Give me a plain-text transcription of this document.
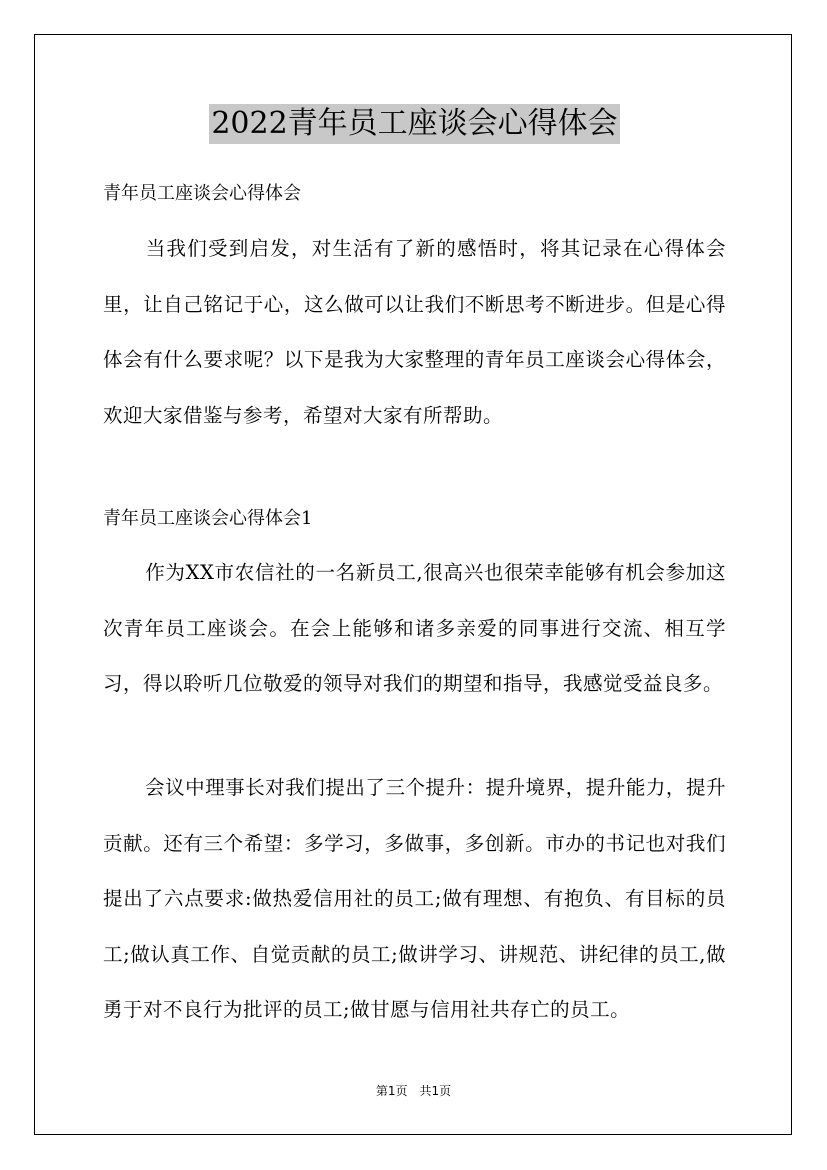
2022青年员工座谈会心得体会
青年员工座谈会心得体会
当我们受到启发，对生活有了新的感悟时，将其记录在心得体会里，让自己铭记于心，这么做可以让我们不断思考不断进步。但是心得体会有什么要求呢？以下是我为大家整理的青年员工座谈会心得体会，欢迎大家借鉴与参考，希望对大家有所帮助。
青年员工座谈会心得体会1
作为XX市农信社的一名新员工,很高兴也很荣幸能够有机会参加这次青年员工座谈会。在会上能够和诸多亲爱的同事进行交流、相互学习，得以聆听几位敬爱的领导对我们的期望和指导，我感觉受益良多。
会议中理事长对我们提出了三个提升：提升境界，提升能力，提升贡献。还有三个希望：多学习，多做事，多创新。市办的书记也对我们提出了六点要求:做热爱信用社的员工;做有理想、有抱负、有目标的员工;做认真工作、自觉贡献的员工;做讲学习、讲规范、讲纪律的员工,做勇于对不良行为批评的员工;做甘愿与信用社共存亡的员工。
第1页　共1页
